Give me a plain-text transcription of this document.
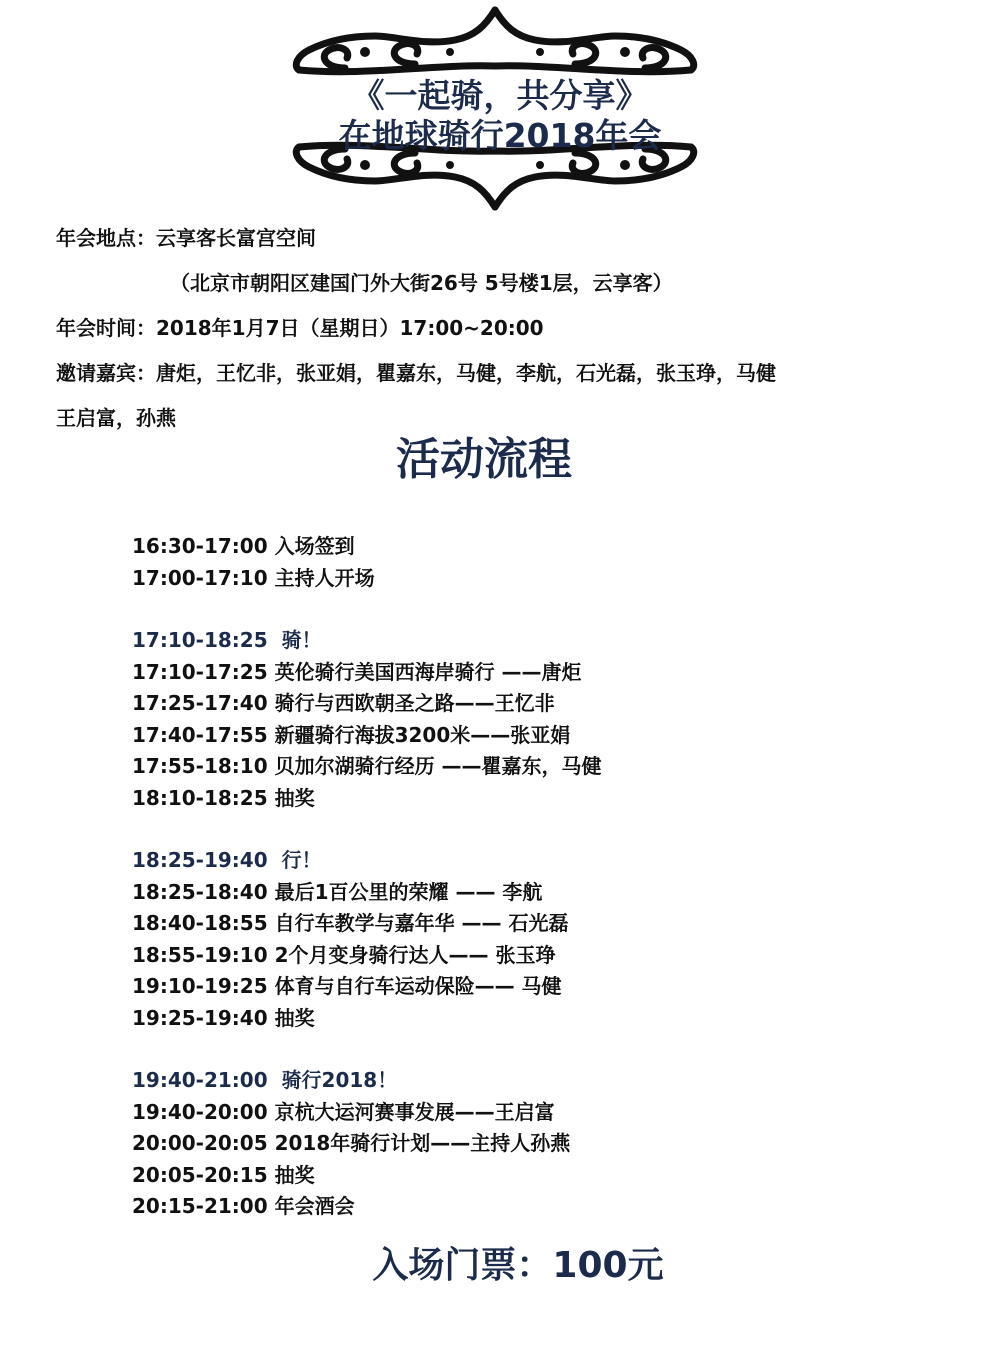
《一起骑，共分享》
在地球骑行2018年会
年会地点：云享客长富宫空间
（北京市朝阳区建国门外大街26号 5号楼1层，云享客）
年会时间：2018年1月7日（星期日）17:00~20:00
邀请嘉宾：唐炬，王忆非，张亚娟，瞿嘉东，马健，李航，石光磊，张玉琤，马健
王启富，孙燕
活动流程
16:30-17:00 入场签到
17:00-17:10 主持人开场
17:10-18:25 骑！
17:10-17:25 英伦骑行美国西海岸骑行 ——唐炬
17:25-17:40 骑行与西欧朝圣之路——王忆非
17:40-17:55 新疆骑行海拔3200米——张亚娟
17:55-18:10 贝加尔湖骑行经历 ——瞿嘉东，马健
18:10-18:25 抽奖
18:25-19:40 行！
18:25-18:40 最后1百公里的荣耀 —— 李航
18:40-18:55 自行车教学与嘉年华 —— 石光磊
18:55-19:10 2个月变身骑行达人—— 张玉琤
19:10-19:25 体育与自行车运动保险—— 马健
19:25-19:40 抽奖
19:40-21:00 骑行2018！
19:40-20:00 京杭大运河赛事发展——王启富
20:00-20:05 2018年骑行计划——主持人孙燕
20:05-20:15 抽奖
20:15-21:00 年会酒会
入场门票：100元
